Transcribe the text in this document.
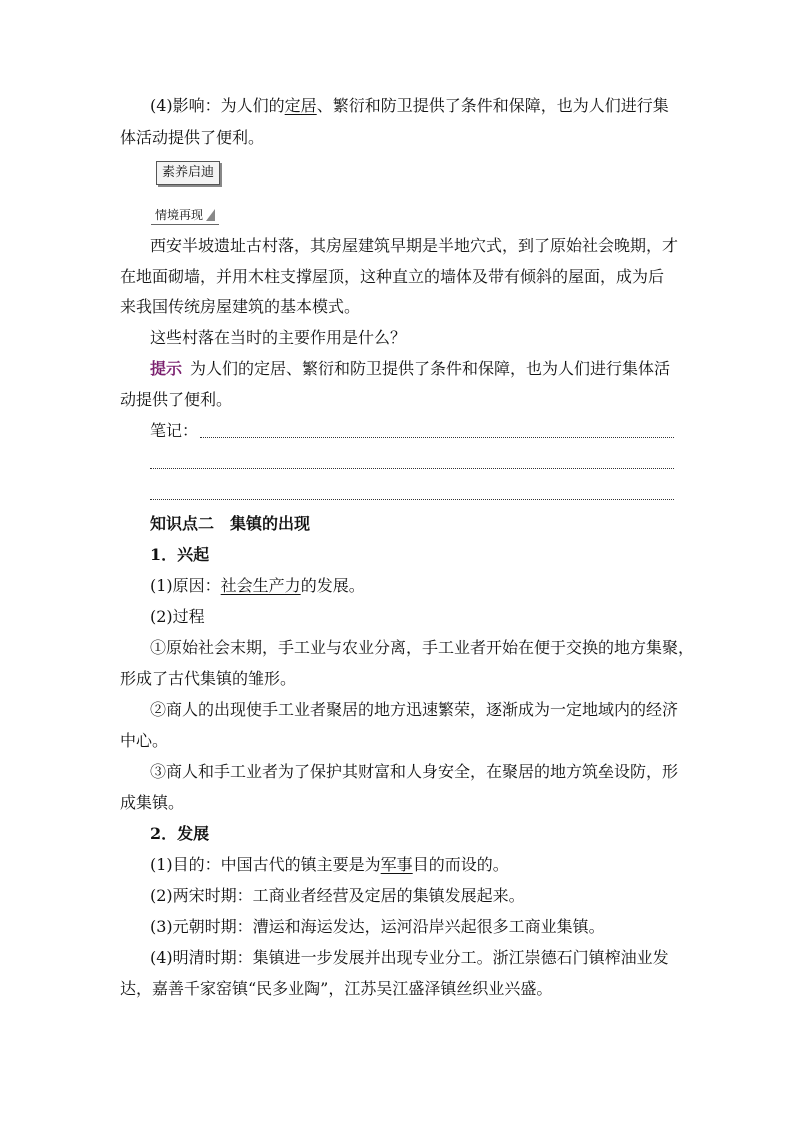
(4)影响：为人们的定居、繁衍和防卫提供了条件和保障，也为人们进行集
体活动提供了便利。
素养启迪
情境再现
西安半坡遗址古村落，其房屋建筑早期是半地穴式，到了原始社会晚期，才
在地面砌墙，并用木柱支撑屋顶，这种直立的墙体及带有倾斜的屋面，成为后
来我国传统房屋建筑的基本模式。
这些村落在当时的主要作用是什么？
提示  为人们的定居、繁衍和防卫提供了条件和保障，也为人们进行集体活
动提供了便利。
笔记：
知识点二　集镇的出现
1．兴起
(1)原因：社会生产力的发展。
(2)过程
①原始社会末期，手工业与农业分离，手工业者开始在便于交换的地方集聚，
形成了古代集镇的雏形。
②商人的出现使手工业者聚居的地方迅速繁荣，逐渐成为一定地域内的经济
中心。
③商人和手工业者为了保护其财富和人身安全，在聚居的地方筑垒设防，形
成集镇。
2．发展
(1)目的：中国古代的镇主要是为军事目的而设的。
(2)两宋时期：工商业者经营及定居的集镇发展起来。
(3)元朝时期：漕运和海运发达，运河沿岸兴起很多工商业集镇。
(4)明清时期：集镇进一步发展并出现专业分工。浙江崇德石门镇榨油业发
达，嘉善千家窑镇“民多业陶”，江苏吴江盛泽镇丝织业兴盛。
